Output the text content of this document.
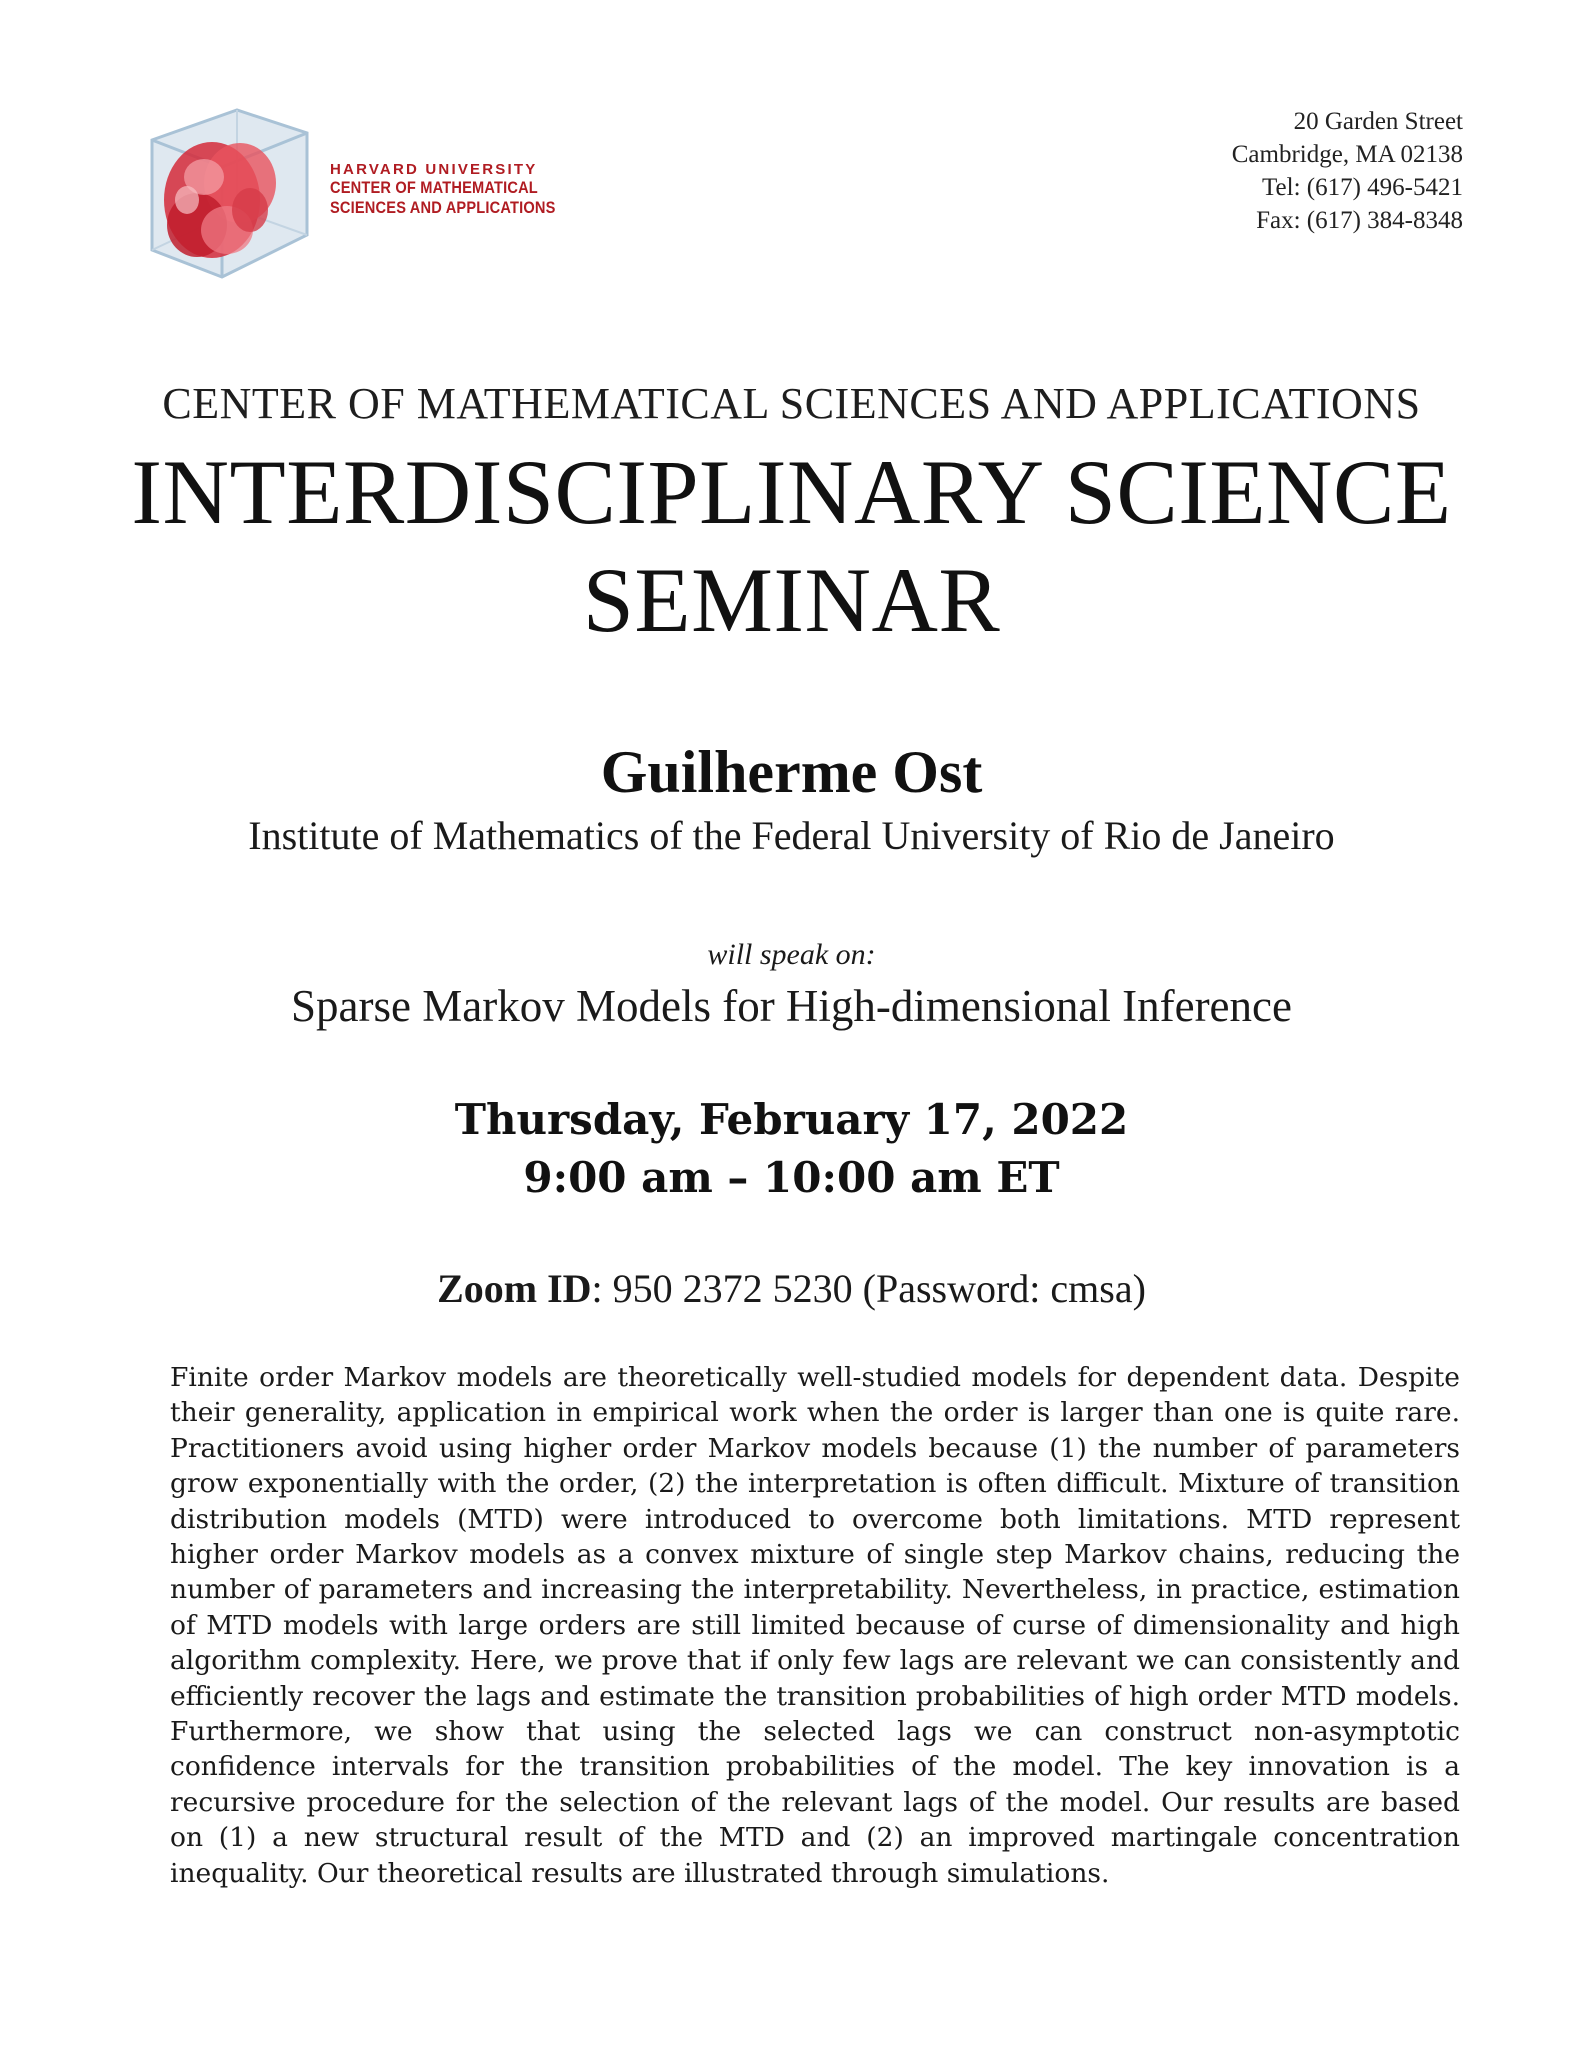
HARVARD UNIVERSITY
CENTER OF MATHEMATICAL
SCIENCES AND APPLICATIONS
20 Garden Street
Cambridge, MA 02138
Tel: (617) 496-5421
Fax: (617) 384-8348
CENTER OF MATHEMATICAL SCIENCES AND APPLICATIONS
INTERDISCIPLINARY SCIENCE
SEMINAR
Guilherme Ost
Institute of Mathematics of the Federal University of Rio de Janeiro
will speak on:
Sparse Markov Models for High-dimensional Inference
Thursday, February 17, 2022
9:00 am – 10:00 am ET
Zoom ID: 950 2372 5230 (Password: cmsa)
Finite order Markov models are theoretically well-studied models for dependent data. Despite their generality, application in empirical work when the order is larger than one is quite rare. Practitioners avoid using higher order Markov models because (1) the number of parameters grow exponentially with the order, (2) the interpretation is often difficult. Mixture of transition distribution models (MTD) were introduced to overcome both limitations. MTD represent higher order Markov models as a convex mixture of single step Markov chains, reducing the number of parameters and increasing the interpretability. Nevertheless, in practice, estimation of MTD models with large orders are still limited because of curse of dimensionality and high algorithm complexity. Here, we prove that if only few lags are relevant we can consistently and efficiently recover the lags and estimate the transition probabilities of high order MTD models. Furthermore, we show that using the selected lags we can construct non-asymptotic confidence intervals for the transition probabilities of the model. The key innovation is a recursive procedure for the selection of the relevant lags of the model. Our results are based on (1) a new structural result of the MTD and (2) an improved martingale concentration inequality. Our theoretical results are illustrated through simulations.
